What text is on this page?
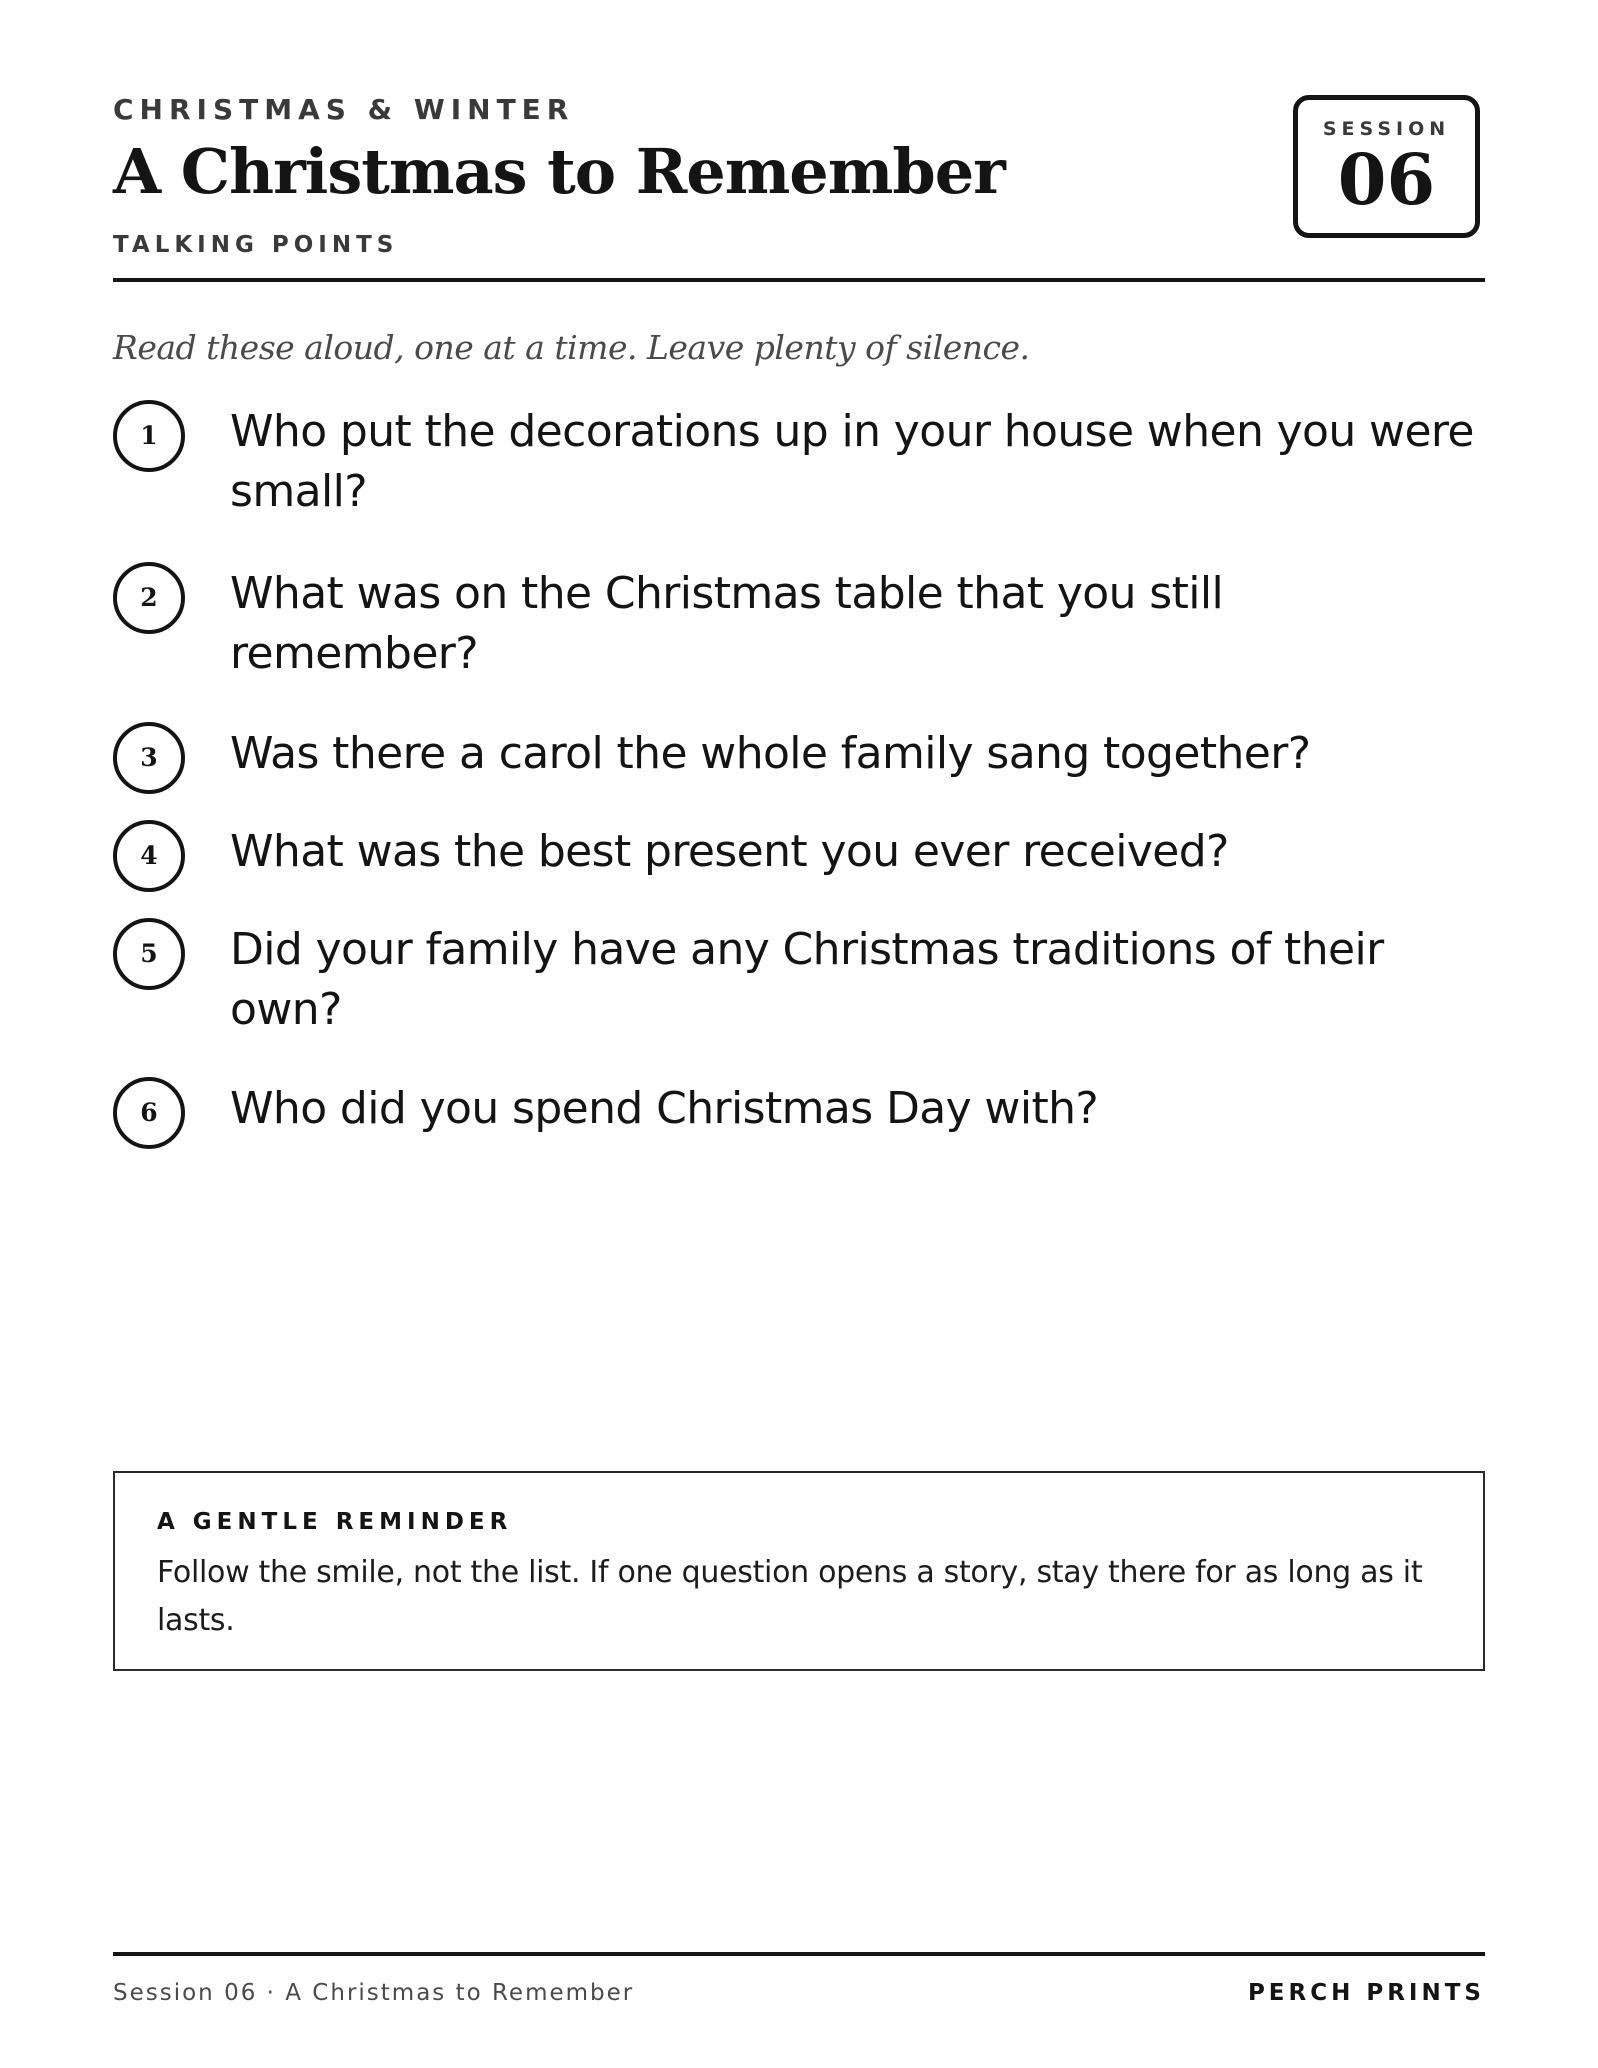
CHRISTMAS & WINTER
A Christmas to Remember
TALKING POINTS
SESSION
06
Read these aloud, one at a time. Leave plenty of silence.
1	Who put the decorations up in your house when you were small?
2	What was on the Christmas table that you still remember?
3	Was there a carol the whole family sang together?
4	What was the best present you ever received?
5	Did your family have any Christmas traditions of their own?
6	Who did you spend Christmas Day with?
A GENTLE REMINDER
Follow the smile, not the list. If one question opens a story, stay there for as long as it lasts.
Session 06 · A Christmas to Remember	PERCH PRINTS
